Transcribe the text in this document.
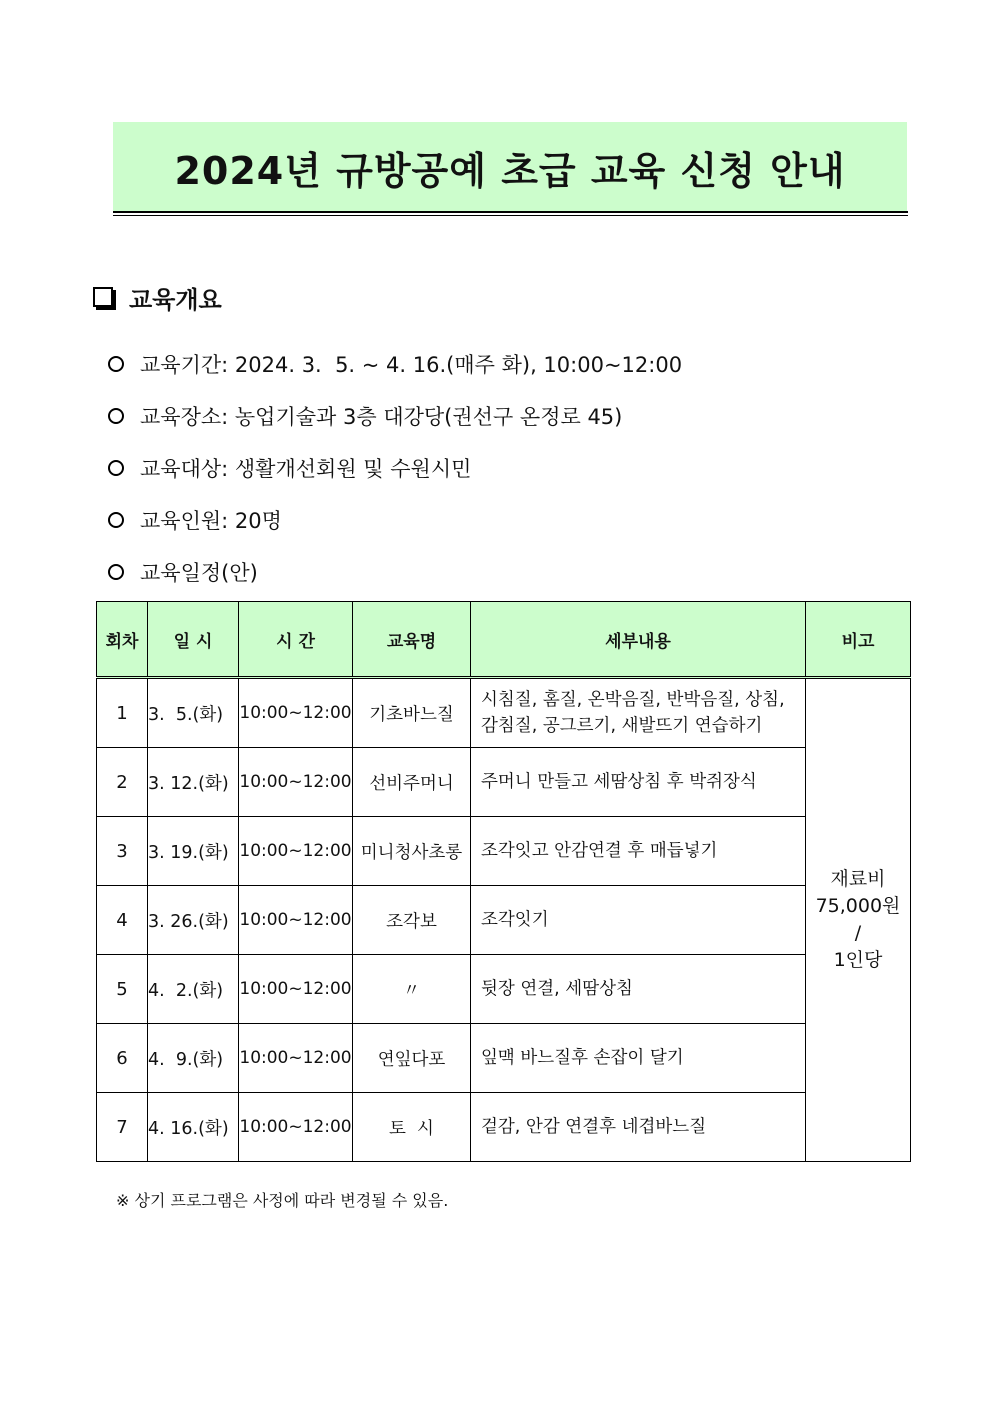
2024년 규방공예 초급 교육 신청 안내
교육개요
교육기간: 2024. 3.  5. ~ 4. 16.(매주 화), 10:00~12:00
교육장소: 농업기술과 3층 대강당(권선구 온정로 45)
교육대상: 생활개선회원 및 수원시민
교육인원: 20명
교육일정(안)
회차	일 시	시 간	교육명	세부내용	비고
1	3.  5.(화)	10:00~12:00	기초바느질	시침질, 홈질, 온박음질, 반박음질, 상침, 감침질, 공그르기, 새발뜨기 연습하기	재료비
75,000원
/
1인당

2	3. 12.(화)	10:00~12:00	선비주머니	주머니 만들고 세땀상침 후 박쥐장식	
3	3. 19.(화)	10:00~12:00	미니청사초롱	조각잇고 안감연결 후 매듭넣기	
4	3. 26.(화)	10:00~12:00	조각보	조각잇기	
5	4.  2.(화)	10:00~12:00	〃	뒷장 연결, 세땀상침	
6	4.  9.(화)	10:00~12:00	연잎다포	잎맥 바느질후 손잡이 달기	
7	4. 16.(화)	10:00~12:00	토  시	겉감, 안감 연결후 네겹바느질	
※ 상기 프로그램은 사정에 따라 변경될 수 있음.
